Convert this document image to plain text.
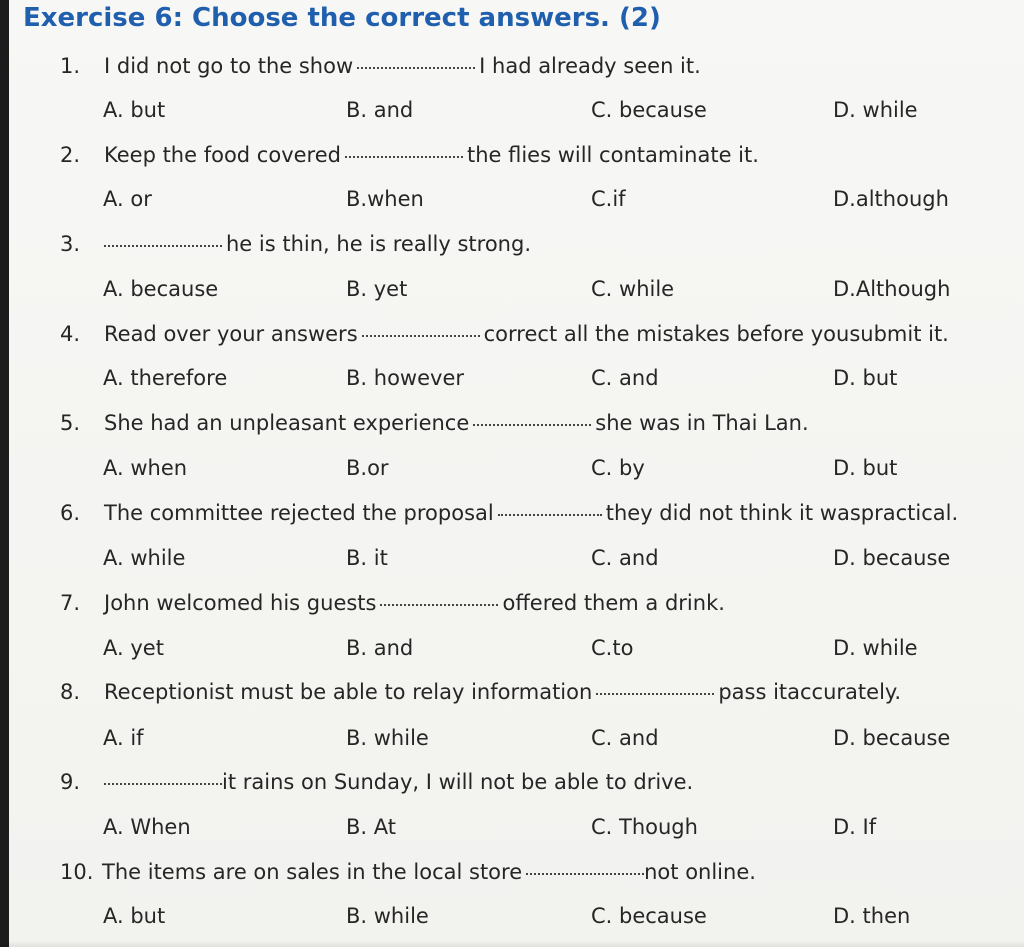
Exercise 6: Choose the correct answers. (2)
1. I did not go to the show	I had already seen it.
A. but	B. and	C. because	D. while
2. Keep the food covered	the flies will contaminate it.
A. or	B.when	C.if	D.although
3.	he is thin, he is really strong.
A. because	B. yet	C. while	D.Although
4. Read over your answers	correct all the mistakes before yousubmit it.
A. therefore	B. however	C. and	D. but
5. She had an unpleasant experience	she was in Thai Lan.
A. when	B.or	C. by	D. but
6. The committee rejected the proposal	they did not think it waspractical.
A. while	B. it	C. and	D. because
7. John welcomed his guests	offered them a drink.
A. yet	B. and	C.to	D. while
8. Receptionist must be able to relay information	pass itaccurately.
A. if	B. while	C. and	D. because
9.	it rains on Sunday, I will not be able to drive.
A. When	B. At	C. Though	D. If
10. The items are on sales in the local store	not online.
A. but	B. while	C. because	D. then
